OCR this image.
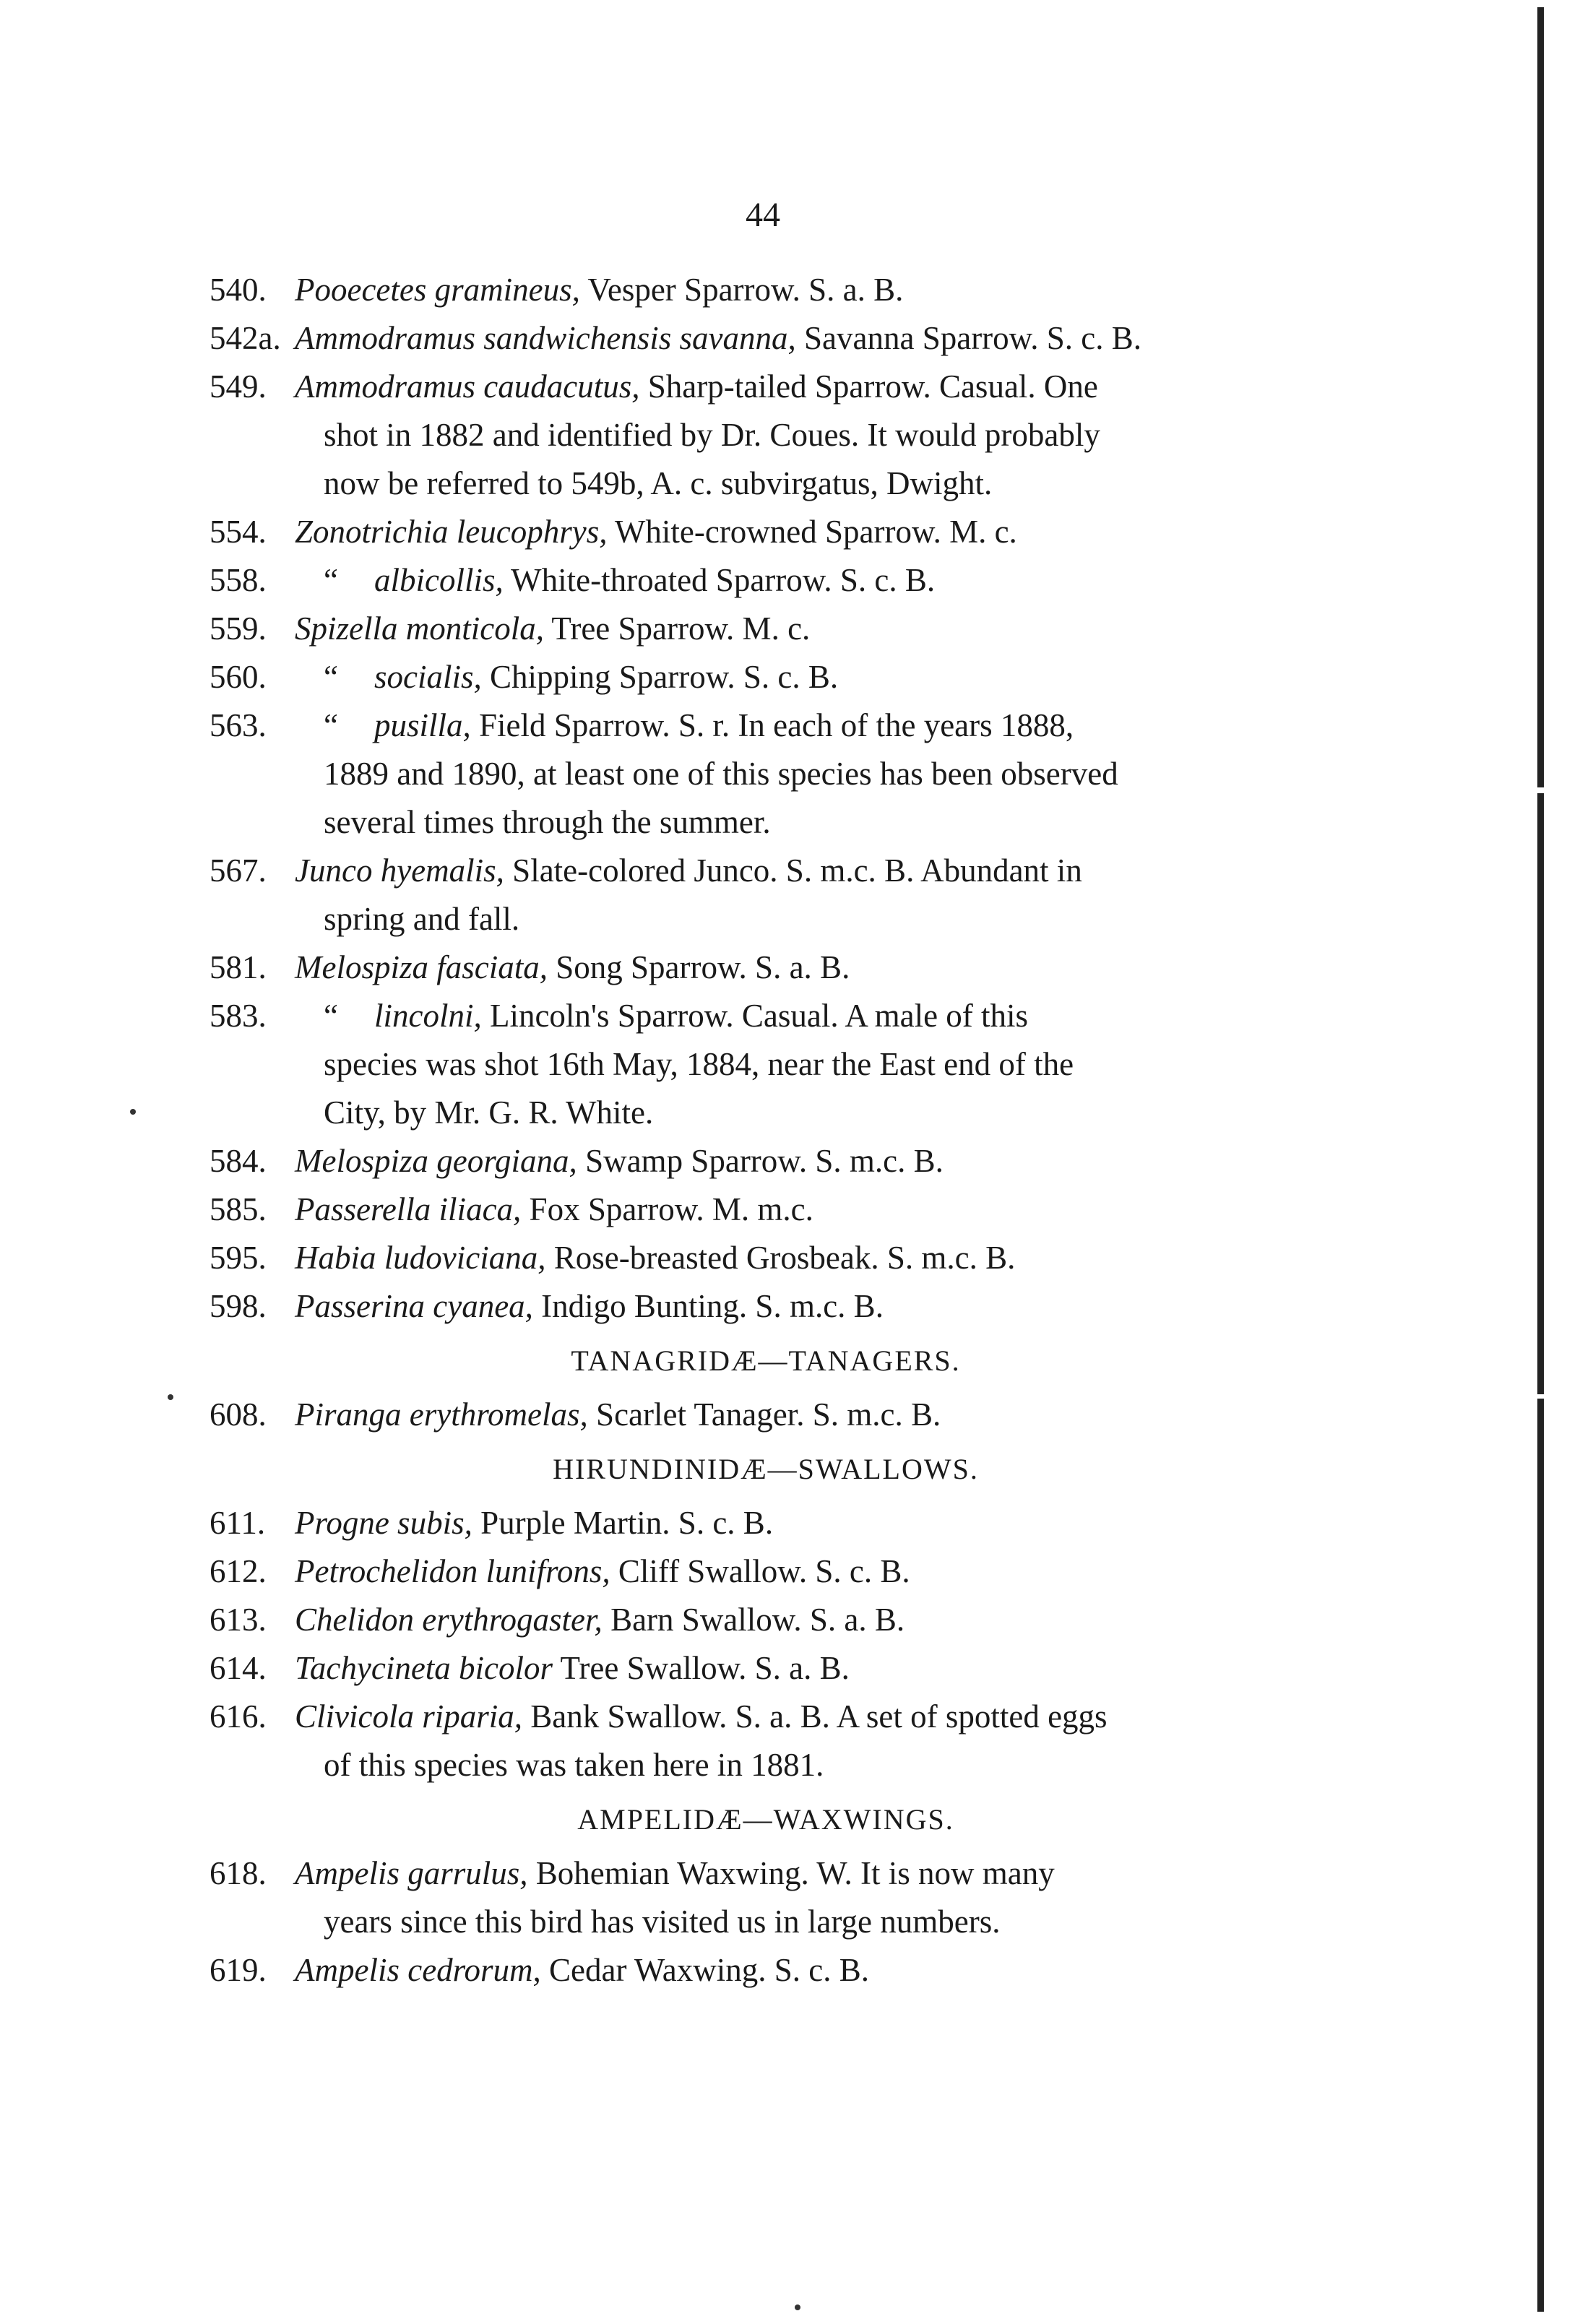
44
540. Pooecetes gramineus, Vesper Sparrow. S. a. B.
542a. Ammodramus sandwichensis savanna, Savanna Sparrow. S. c. B.
549. Ammodramus caudacutus, Sharp-tailed Sparrow. Casual. One
shot in 1882 and identified by Dr. Coues. It would probably
now be referred to 549b, A. c. subvirgatus, Dwight.
554. Zonotrichia leucophrys, White-crowned Sparrow. M. c.
558. “ albicollis, White-throated Sparrow. S. c. B.
559. Spizella monticola, Tree Sparrow. M. c.
560. “ socialis, Chipping Sparrow. S. c. B.
563. “ pusilla, Field Sparrow. S. r. In each of the years 1888,
1889 and 1890, at least one of this species has been observed
several times through the summer.
567. Junco hyemalis, Slate-colored Junco. S. m.c. B. Abundant in
spring and fall.
581. Melospiza fasciata, Song Sparrow. S. a. B.
583. “ lincolni, Lincoln's Sparrow. Casual. A male of this
species was shot 16th May, 1884, near the East end of the
City, by Mr. G. R. White.
584. Melospiza georgiana, Swamp Sparrow. S. m.c. B.
585. Passerella iliaca, Fox Sparrow. M. m.c.
595. Habia ludoviciana, Rose-breasted Grosbeak. S. m.c. B.
598. Passerina cyanea, Indigo Bunting. S. m.c. B.
TANAGRIDÆ—TANAGERS.
608. Piranga erythromelas, Scarlet Tanager. S. m.c. B.
HIRUNDINIDÆ—SWALLOWS.
611. Progne subis, Purple Martin. S. c. B.
612. Petrochelidon lunifrons, Cliff Swallow. S. c. B.
613. Chelidon erythrogaster, Barn Swallow. S. a. B.
614. Tachycineta bicolor Tree Swallow. S. a. B.
616. Clivicola riparia, Bank Swallow. S. a. B. A set of spotted eggs
of this species was taken here in 1881.
AMPELIDÆ—WAXWINGS.
618. Ampelis garrulus, Bohemian Waxwing. W. It is now many
years since this bird has visited us in large numbers.
619. Ampelis cedrorum, Cedar Waxwing. S. c. B.
